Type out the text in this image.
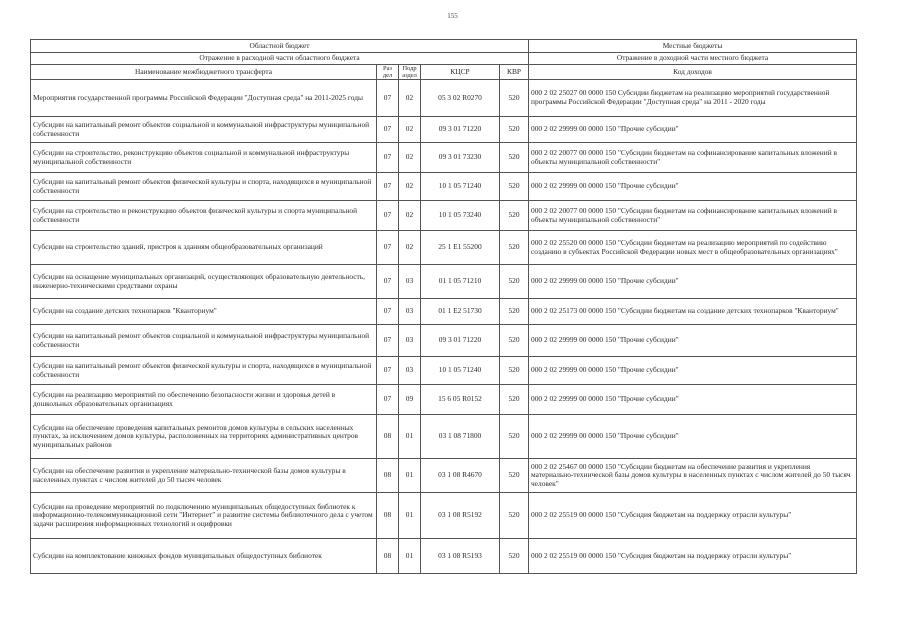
155
Областной бюджет					Местные бюджеты
Отражение в расходной части областного бюджета					Отражение в доходной части местного бюджета
Наименование межбюджетного трансферта	Раз дел	Подр аздел	КЦСР	КВР	Код доходов
Мероприятия государственной программы Российской Федерации "Доступная среда" на 2011-2025 годы	07	02	05 3 02 R0270	520	000 2 02 25027 00 0000 150 Субсидии бюджетам на реализацию мероприятий государственной программы Российской Федерации "Доступная среда" на 2011 - 2020 годы
Субсидии на капитальный ремонт объектов социальной и коммунальной инфраструктуры муниципальной собственности	07	02	09 3 01 71220	520	000 2 02 29999 00 0000 150 "Прочие субсидии"
Субсидии на строительство, реконструкцию объектов социальной и коммунальной инфраструктуры муниципальной собственности	07	02	09 3 01 73230	520	000 2 02 20077 00 0000 150 "Субсидии бюджетам на софинансирование капитальных вложений в объекты муниципальной собственности"
Субсидии на капитальный ремонт объектов физической культуры и спорта, находящихся в муниципальной собственности	07	02	10 1 05 71240	520	000 2 02 29999 00 0000 150 "Прочие субсидии"
Субсидии на строительство и реконструкцию объектов физической культуры и спорта муниципальной собственности	07	02	10 1 05 73240	520	000 2 02 20077 00 0000 150 "Субсидии бюджетам на софинансирование капитальных вложений в объекты муниципальной собственности"
Субсидии на строительство зданий, пристроя к зданиям общеобразовательных организаций	07	02	25 1 E1 55200	520	000 2 02 25520 00 0000 150 "Субсидии бюджетам на реализацию мероприятий по содействию созданию в субъектах Российской Федерации новых мест в общеобразовательных организациях"
Субсидии на оснащение муниципальных организаций, осуществляющих образовательную деятельность, инженерно-техническими средствами охраны	07	03	01 1 05 71210	520	000 2 02 29999 00 0000 150 "Прочие субсидии"
Субсидии на создание детских технопарков "Кванториум"	07	03	01 1 E2 51730	520	000 2 02 25173 00 0000 150 "Субсидии бюджетам на создание детских технопарков "Кванториум"
Субсидии на капитальный ремонт объектов социальной и коммунальной инфраструктуры муниципальной собственности	07	03	09 3 01 71220	520	000 2 02 29999 00 0000 150 "Прочие субсидии"
Субсидии на капитальный ремонт объектов физической культуры и спорта, находящихся в муниципальной собственности	07	03	10 1 05 71240	520	000 2 02 29999 00 0000 150 "Прочие субсидии"
Субсидии на реализацию мероприятий по обеспечению безопасности жизни и здоровья детей в дошкольных образовательных организациях	07	09	15 6 05 R0152	520	000 2 02 29999 00 0000 150 "Прочие субсидии"
Субсидии на обеспечение проведения капитальных ремонтов домов культуры в сельских населенных пунктах, за исключением домов культуры, расположенных на территориях административных центров муниципальных районов	08	01	03 1 08 71800	520	000 2 02 29999 00 0000 150 "Прочие субсидии"
Субсидии на обеспечение развития и укрепление материально-технической базы домов культуры в населенных пунктах с числом жителей до 50 тысяч человек	08	01	03 1 08 R4670	520	000 2 02 25467 00 0000 150 "Субсидии бюджетам на обеспечение развития и укрепления материально-технической базы домов культуры в населенных пунктах с числом жителей до 50 тысяч человек"
Субсидии на проведение мероприятий по подключению муниципальных общедоступных библиотек к информационно-телекоммуникационной сети "Интернет" и развитие системы библиотечного дела с учетом задачи расширения информационных технологий и оцифровки	08	01	03 1 08 R5192	520	000 2 02 25519 00 0000 150 "Субсидия бюджетам на поддержку отрасли культуры"
Субсидии на комплектование книжных фондов муниципальных общедоступных библиотек	08	01	03 1 08 R5193	520	000 2 02 25519 00 0000 150 "Субсидия бюджетам на поддержку отрасли культуры"
